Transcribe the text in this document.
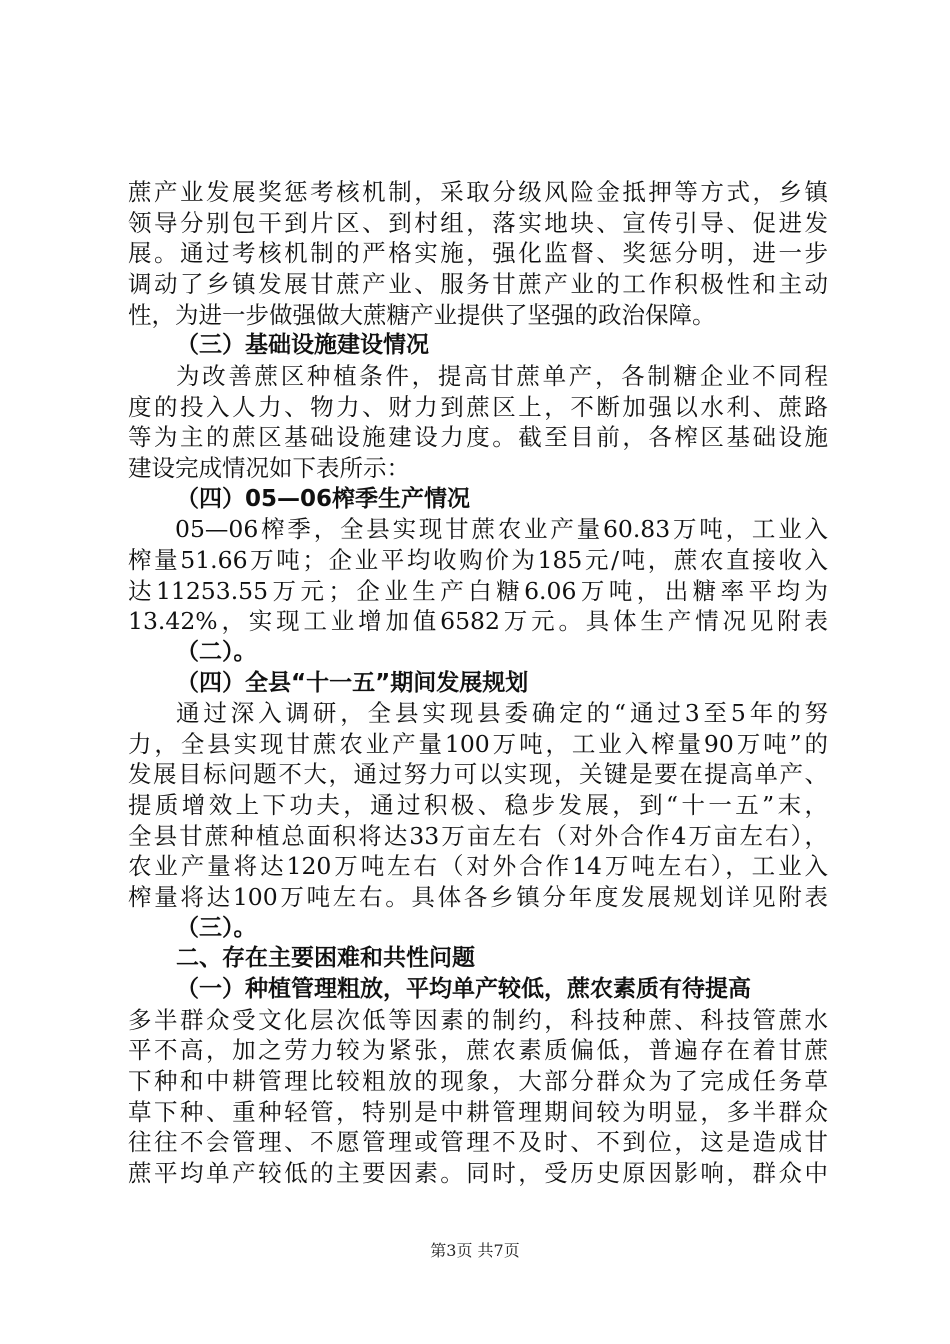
蔗产业发展奖惩考核机制，采取分级风险金抵押等方式，乡镇
领导分别包干到片区、到村组，落实地块、宣传引导、促进发
展。通过考核机制的严格实施，强化监督、奖惩分明，进一步
调动了乡镇发展甘蔗产业、服务甘蔗产业的工作积极性和主动
性，为进一步做强做大蔗糖产业提供了坚强的政治保障。
（三）基础设施建设情况
为改善蔗区种植条件，提高甘蔗单产，各制糖企业不同程
度的投入人力、物力、财力到蔗区上，不断加强以水利、蔗路
等为主的蔗区基础设施建设力度。截至目前，各榨区基础设施
建设完成情况如下表所示：
（四）05—06榨季生产情况
05—06榨季，全县实现甘蔗农业产量60.83万吨，工业入
榨量51.66万吨；企业平均收购价为185元/吨，蔗农直接收入
达11253.55万元；企业生产白糖6.06万吨，出糖率平均为
13.42%，实现工业增加值6582万元。具体生产情况见附表
（二）。
（四）全县“十一五”期间发展规划
通过深入调研，全县实现县委确定的“通过3至5年的努
力，全县实现甘蔗农业产量100万吨，工业入榨量90万吨”的
发展目标问题不大，通过努力可以实现，关键是要在提高单产、
提质增效上下功夫，通过积极、稳步发展，到“十一五”末，
全县甘蔗种植总面积将达33万亩左右（对外合作4万亩左右），
农业产量将达120万吨左右（对外合作14万吨左右），工业入
榨量将达100万吨左右。具体各乡镇分年度发展规划详见附表
（三）。
二、存在主要困难和共性问题
（一）种植管理粗放，平均单产较低，蔗农素质有待提高
多半群众受文化层次低等因素的制约，科技种蔗、科技管蔗水
平不高，加之劳力较为紧张，蔗农素质偏低，普遍存在着甘蔗
下种和中耕管理比较粗放的现象，大部分群众为了完成任务草
草下种、重种轻管，特别是中耕管理期间较为明显，多半群众
往往不会管理、不愿管理或管理不及时、不到位，这是造成甘
蔗平均单产较低的主要因素。同时，受历史原因影响，群众中
第3页 共7页
